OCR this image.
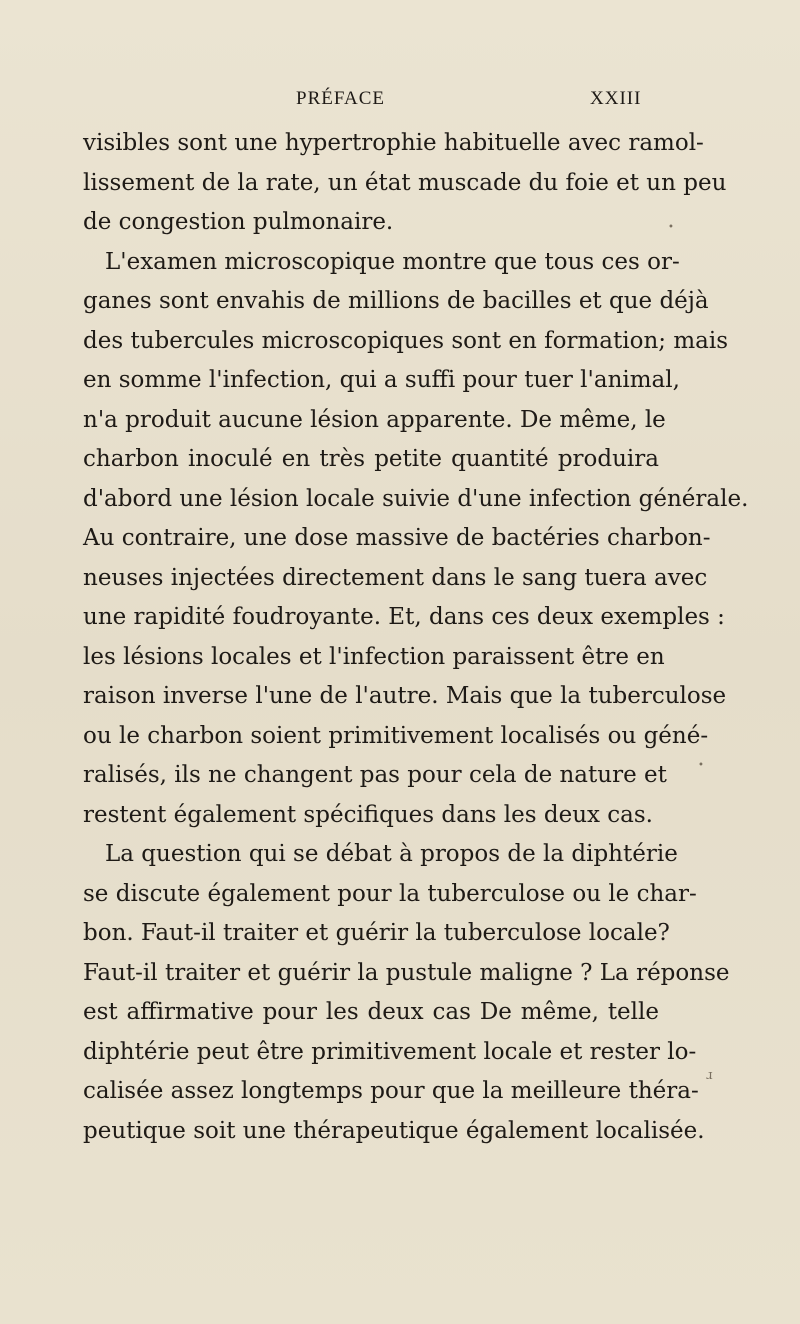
PRÉFACE	XXIII
visibles sont une hypertrophie habituelle avec ramol-
lissement de la rate, un état muscade du foie et un peu
de congestion pulmonaire.
L'examen microscopique montre que tous ces or-
ganes sont envahis de millions de bacilles et que déjà
des tubercules microscopiques sont en formation; mais
en somme l'infection, qui a suffi pour tuer l'animal,
n'a produit aucune lésion apparente. De même, le
charbon inoculé en très petite quantité produira
d'abord une lésion locale suivie d'une infection générale.
Au contraire, une dose massive de bactéries charbon-
neuses injectées directement dans le sang tuera avec
une rapidité foudroyante. Et, dans ces deux exemples :
les lésions locales et l'infection paraissent être en
raison inverse l'une de l'autre. Mais que la tuberculose
ou le charbon soient primitivement localisés ou géné-
ralisés, ils ne changent pas pour cela de nature et
restent également spécifiques dans les deux cas.
La question qui se débat à propos de la diphtérie
se discute également pour la tuberculose ou le char-
bon. Faut-il traiter et guérir la tuberculose locale?
Faut-il traiter et guérir la pustule maligne ? La réponse
est affirmative pour les deux cas De même, telle
diphtérie peut être primitivement locale et rester lo-
calisée assez longtemps pour que la meilleure théra-
peutique soit une thérapeutique également localisée.
•
•
ɹ
